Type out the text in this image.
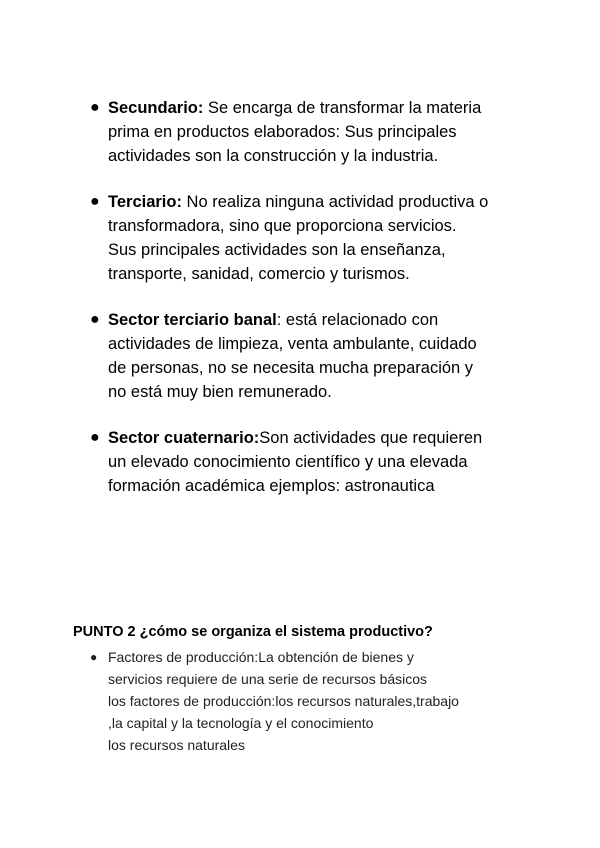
● Secundario: Se encarga de transformar la materia
prima en productos elaborados: Sus principales
actividades son la construcción y la industria.
● Terciario: No realiza ninguna actividad productiva o
transformadora, sino que proporciona servicios.
Sus principales actividades son la enseñanza,
transporte, sanidad, comercio y turismos.
● Sector terciario banal: está relacionado con
actividades de limpieza, venta ambulante, cuidado
de personas, no se necesita mucha preparación y
no está muy bien remunerado.
● Sector cuaternario:Son actividades que requieren
un elevado conocimiento científico y una elevada
formación académica ejemplos: astronautica
PUNTO 2 ¿cómo se organiza el sistema productivo?
● Factores de producción:La obtención de bienes y
servicios requiere de una serie de recursos básicos
los factores de producción:los recursos naturales,trabajo
,la capital y la tecnología y el conocimiento
los recursos naturales
